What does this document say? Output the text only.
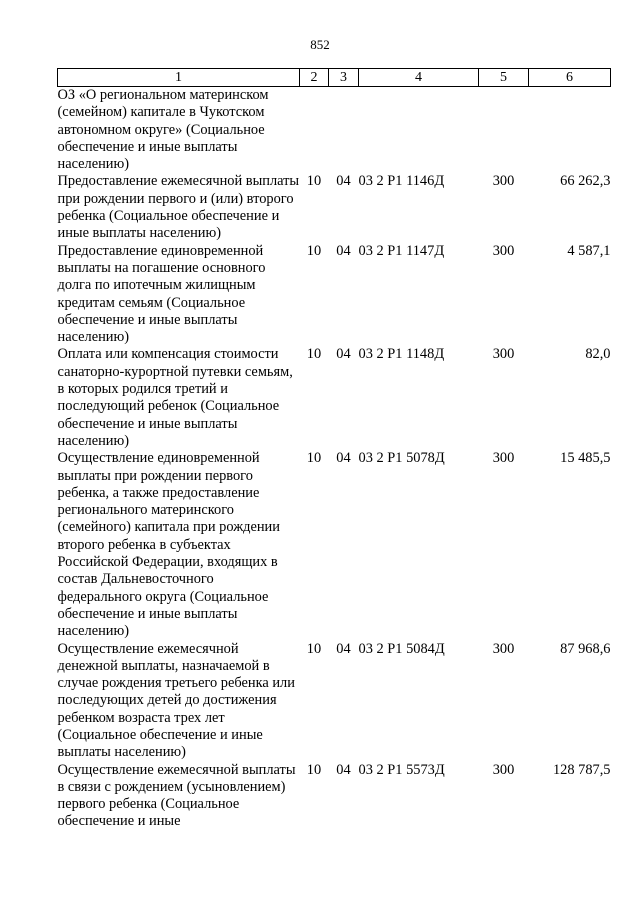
852
1	2	3	4	5	6
ОЗ «О региональном материнском (семейном) капитале в Чукотском автономном округе» (Социальное обеспечение и иные выплаты населению)					
Предоставление ежемесячной выплаты при рождении первого и (или) второго ребенка (Социальное обеспечение и иные выплаты населению)	10	04	03 2 P1 1146Д	300	66 262,3
Предоставление единовременной выплаты на погашение основного долга по ипотечным жилищным кредитам семьям (Социальное обеспечение и иные выплаты населению)	10	04	03 2 P1 1147Д	300	4 587,1
Оплата или компенсация стоимости санаторно-курортной путевки семьям, в которых родился третий и последующий ребенок (Социальное обеспечение и иные выплаты населению)	10	04	03 2 P1 1148Д	300	82,0
Осуществление единовременной выплаты при рождении первого ребенка, а также предоставление регионального материнского (семейного) капитала при рождении второго ребенка в субъектах Российской Федерации, входящих в состав Дальневосточного федерального округа (Социальное обеспечение и иные выплаты населению)	10	04	03 2 P1 5078Д	300	15 485,5
Осуществление ежемесячной денежной выплаты, назначаемой в случае рождения третьего ребенка или последующих детей до достижения ребенком возраста трех лет (Социальное обеспечение и иные выплаты населению)	10	04	03 2 P1 5084Д	300	87 968,6
Осуществление ежемесячной выплаты в связи с рождением (усыновлением) первого ребенка (Социальное обеспечение и иные	10	04	03 2 P1 5573Д	300	128 787,5
